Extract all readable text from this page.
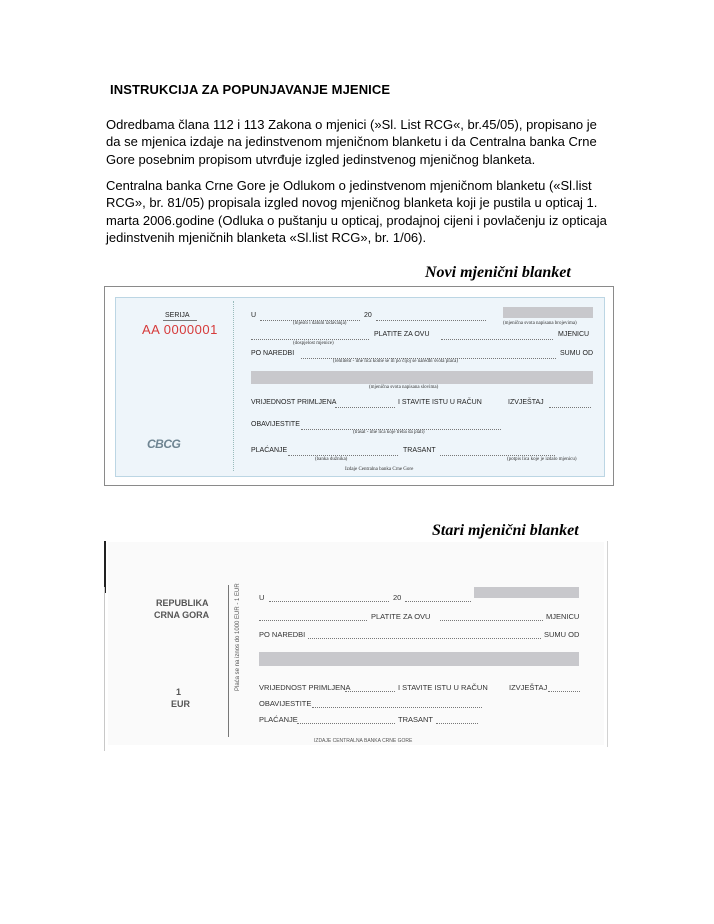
INSTRUKCIJA ZA POPUNJAVANJE MJENICE
Odredbama člana 112 i 113 Zakona o mjenici (»Sl. List RCG«, br.45/05), propisano je
da se mjenica izdaje na jedinstvenom mjeničnom blanketu i da Centralna banka Crne
Gore posebnim propisom utvrđuje izgled jedinstvenog mjeničnog blanketa.
Centralna banka Crne Gore je Odlukom o jedinstvenom mjeničnom blanketu («Sl.list
RCG», br. 81/05) propisala izgled novog mjeničnog blanketa koji je pustila u opticaj 1.
marta 2006.godine (Odluka o puštanju u opticaj, prodajnoj cijeni i povlačenju iz opticaja
jedinstvenih mjeničnih blanketa «Sl.list RCG», br. 1/06).
Novi mjenični blanket
SERIJA
AA 0000001
CBCG
U	20
(mjesto i datum izdavanja)	(mjenična svota napisana brojevima)
PLATITE ZA OVU	MJENICU
(dospjelost mjenice)
PO NAREDBI	SUMU OD
(remitent - ime lica kome se ili po čijoj se naredbi svota plaća)
(mjenična svota napisana slovima)
VRIJEDNOST PRIMLJENA	I STAVITE ISTU U RAČUN	IZVJEŠTAJ
OBAVIJESTITE
(trasat - ime lica koje treba da plati)
PLAĆANJE	TRASANT
(banka dužnika)	(potpis lica koje je izdalo mjenicu)
Izdaje Centralna banka Crne Gore
Stari mjenični blanket
REPUBLIKA
CRNA GORA
1
EUR
Plaća se na iznos do 1000 EUR - 1 EUR U	20
PLATITE ZA OVU	MJENICU
PO NAREDBI	SUMU OD
VRIJEDNOST PRIMLJENA	I STAVITE ISTU U RAČUN	IZVJEŠTAJ
OBAVIJESTITE
PLAĆANJE	TRASANT
IZDAJE CENTRALNA BANKA CRNE GORE
